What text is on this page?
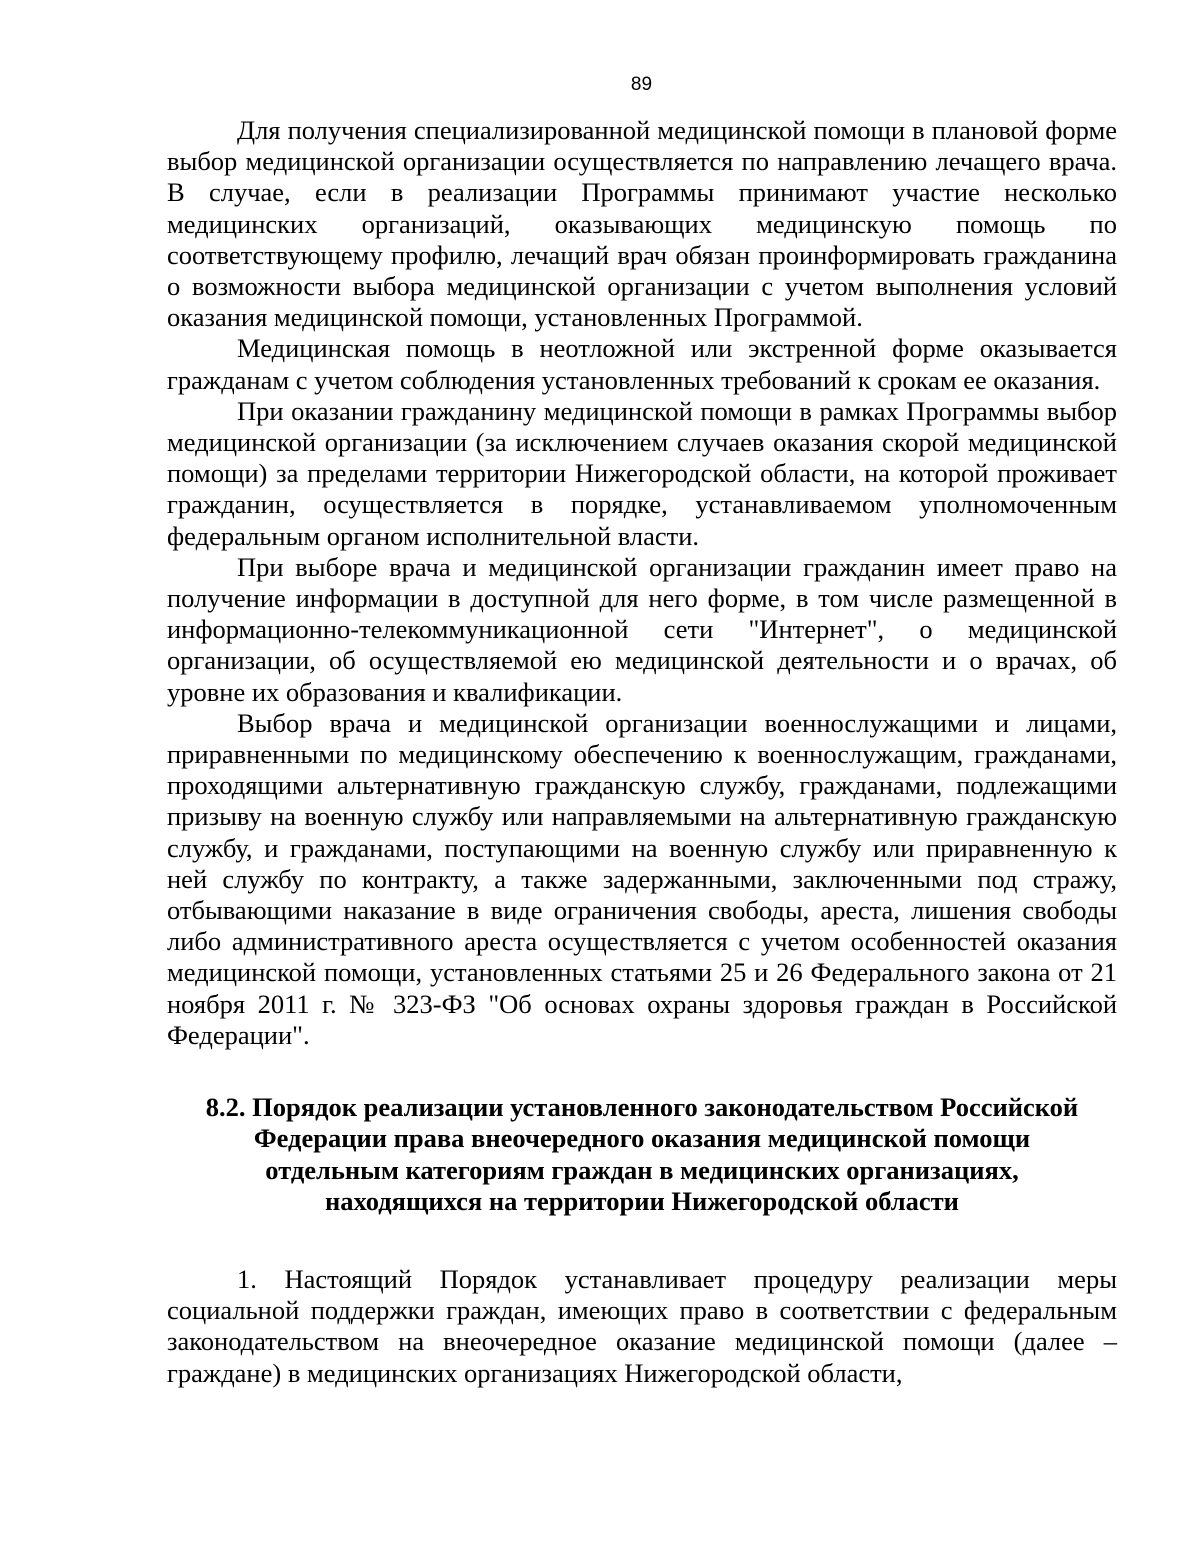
89

Для получения специализированной медицинской помощи в плановой форме выбор медицинской организации осуществляется по направлению лечащего врача. В случае, если в реализации Программы принимают участие несколько медицинских организаций, оказывающих медицинскую помощь по соответствующему профилю, лечащий врач обязан проинформировать гражданина о возможности выбора медицинской организации с учетом выполнения условий оказания медицинской помощи, установленных Программой.

Медицинская помощь в неотложной или экстренной форме оказывается гражданам с учетом соблюдения установленных требований к срокам ее оказания.

При оказании гражданину медицинской помощи в рамках Программы выбор медицинской организации (за исключением случаев оказания скорой медицинской помощи) за пределами территории Нижегородской области, на которой проживает гражданин, осуществляется в порядке, устанавливаемом уполномоченным федеральным органом исполнительной власти.

При выборе врача и медицинской организации гражданин имеет право на получение информации в доступной для него форме, в том числе размещенной в информационно-телекоммуникационной сети "Интернет", о медицинской организации, об осуществляемой ею медицинской деятельности и о врачах, об уровне их образования и квалификации.

Выбор врача и медицинской организации военнослужащими и лицами, приравненными по медицинскому обеспечению к военнослужащим, гражданами, проходящими альтернативную гражданскую службу, гражданами, подлежащими призыву на военную службу или направляемыми на альтернативную гражданскую службу, и гражданами, поступающими на военную службу или приравненную к ней службу по контракту, а также задержанными, заключенными под стражу, отбывающими наказание в виде ограничения свободы, ареста, лишения свободы либо административного ареста осуществляется с учетом особенностей оказания медицинской помощи, установленных статьями 25 и 26 Федерального закона от 21 ноября 2011 г. № 323-ФЗ "Об основах охраны здоровья граждан в Российской Федерации".

8.2. Порядок реализации установленного законодательством Российской
Федерации права внеочередного оказания медицинской помощи
отдельным категориям граждан в медицинских организациях,
находящихся на территории Нижегородской области

1. Настоящий Порядок устанавливает процедуру реализации меры социальной поддержки граждан, имеющих право в соответствии с федеральным законодательством на внеочередное оказание медицинской помощи (далее – граждане) в медицинских организациях Нижегородской области,
